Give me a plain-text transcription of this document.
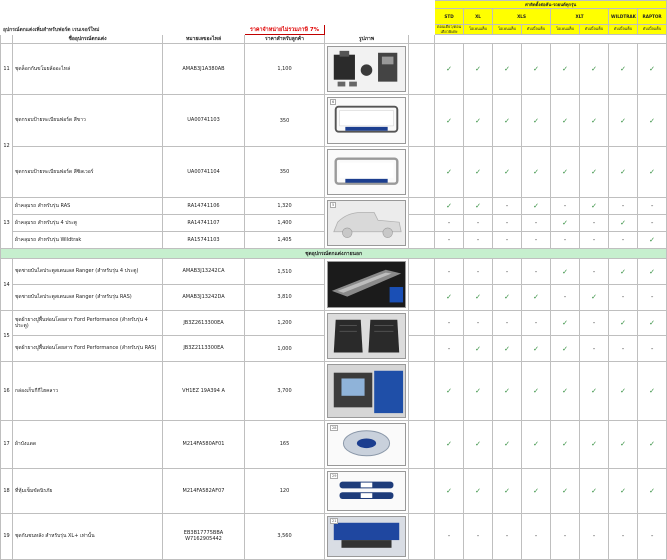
						ค่าติดตั้งต่อคัน-รถยนต์ทุกรุ่น							
						STD	XL	XLS		XLT		WILDTRAK	RAPTOR
อุปกรณ์ตกแต่งเพิ่มสำหรับฟอร์ด เรนเจอร์ใหม่			ราคาจำหน่ายไม่รวมภาษี 7%			ตอนเดียว/ตอนเดียวพิเศษ	โอเพ่นแค็บ	โอเพ่นแค็บ	ดับเบิ้ลแค็บ	โอเพ่นแค็บ	ดับเบิ้ลแค็บ	ดับเบิ้ลแค็บ	ดับเบิ้ลแค็บ
	ชื่ออุปกรณ์ตกแต่ง	หมายเลขอะไหล่	ราคาสำหรับลูกค้า	รูปภาพ									
11	ชุดล็อกกันขโมยล้ออะไหล่	AMAB3J1A380AB	1,100			✓	✓	✓	✓	✓	✓	✓	✓
12	ชุดกรอบป้ายทะเบียนฟอร์ด สีขาว	UA00741103	350	6		✓	✓	✓	✓	✓	✓	✓	✓
	ชุดกรอบป้ายทะเบียนฟอร์ด สีซิลเวอร์	UA00741104	350			✓	✓	✓	✓	✓	✓	✓	✓
13	ผ้าคลุมรถ สำหรับรุ่น RAS	RA14741106	1,320	5		✓	✓	-	✓	-	✓	-	-
	ผ้าคลุมรถ สำหรับรุ่น 4 ประตู	RA14741107	1,400			-	-	-	-	✓	-	✓	-
	ผ้าคลุมรถ สำหรับรุ่น Wildtrak	RA15741103	1,405			-	-	-	-	-	-	-	✓
ชุดอุปกรณ์ตกแต่งภายนอก													
14	ชุดชายบันไดประตูสเตนเลส Ranger (สำหรับรุ่น 4 ประตู)	AMAB3J13242CA	1,510			-	-	-	-	✓	-	✓	✓
	ชุดชายบันไดประตูสเตนเลส Ranger (สำหรับรุ่น RAS)	AMAB3J13242DA	3,810			✓	✓	✓	✓	-	✓	-	-
15	ชุดผ้ายางปูพื้นท่อนโดยสาร Ford Performance (สำหรับรุ่น 4 ประตู)	JB3Z2613300EA	1,200			-	-	-	-	✓	-	✓	✓
	ชุดผ้ายางปูพื้นท่อนโดยสาร Ford Performance (สำหรับรุ่น RAS)	JB3Z2113300EA	1,000			-	✓	✓	✓	✓	-	-	-
16	กล่องเก็บกีกีไฮคลาว	VH1EZ 19A394 A	3,700			✓	✓	✓	✓	✓	✓	✓	✓
17	ผ้าบังแดด	M214FA580AF01	165	28		✓	✓	✓	✓	✓	✓	✓	✓
18	ที่หุ้มเข็มขัดนิรภัย	M214FA582AF07	120	29		✓	✓	✓	✓	✓	✓	✓	✓
19	ชุดกันชนหลัง สำหรับรุ่น XL+ เท่านั้น	EB3B17775BBA W7162905442	3,560	21		-	-	-	-	-	-	-	-
